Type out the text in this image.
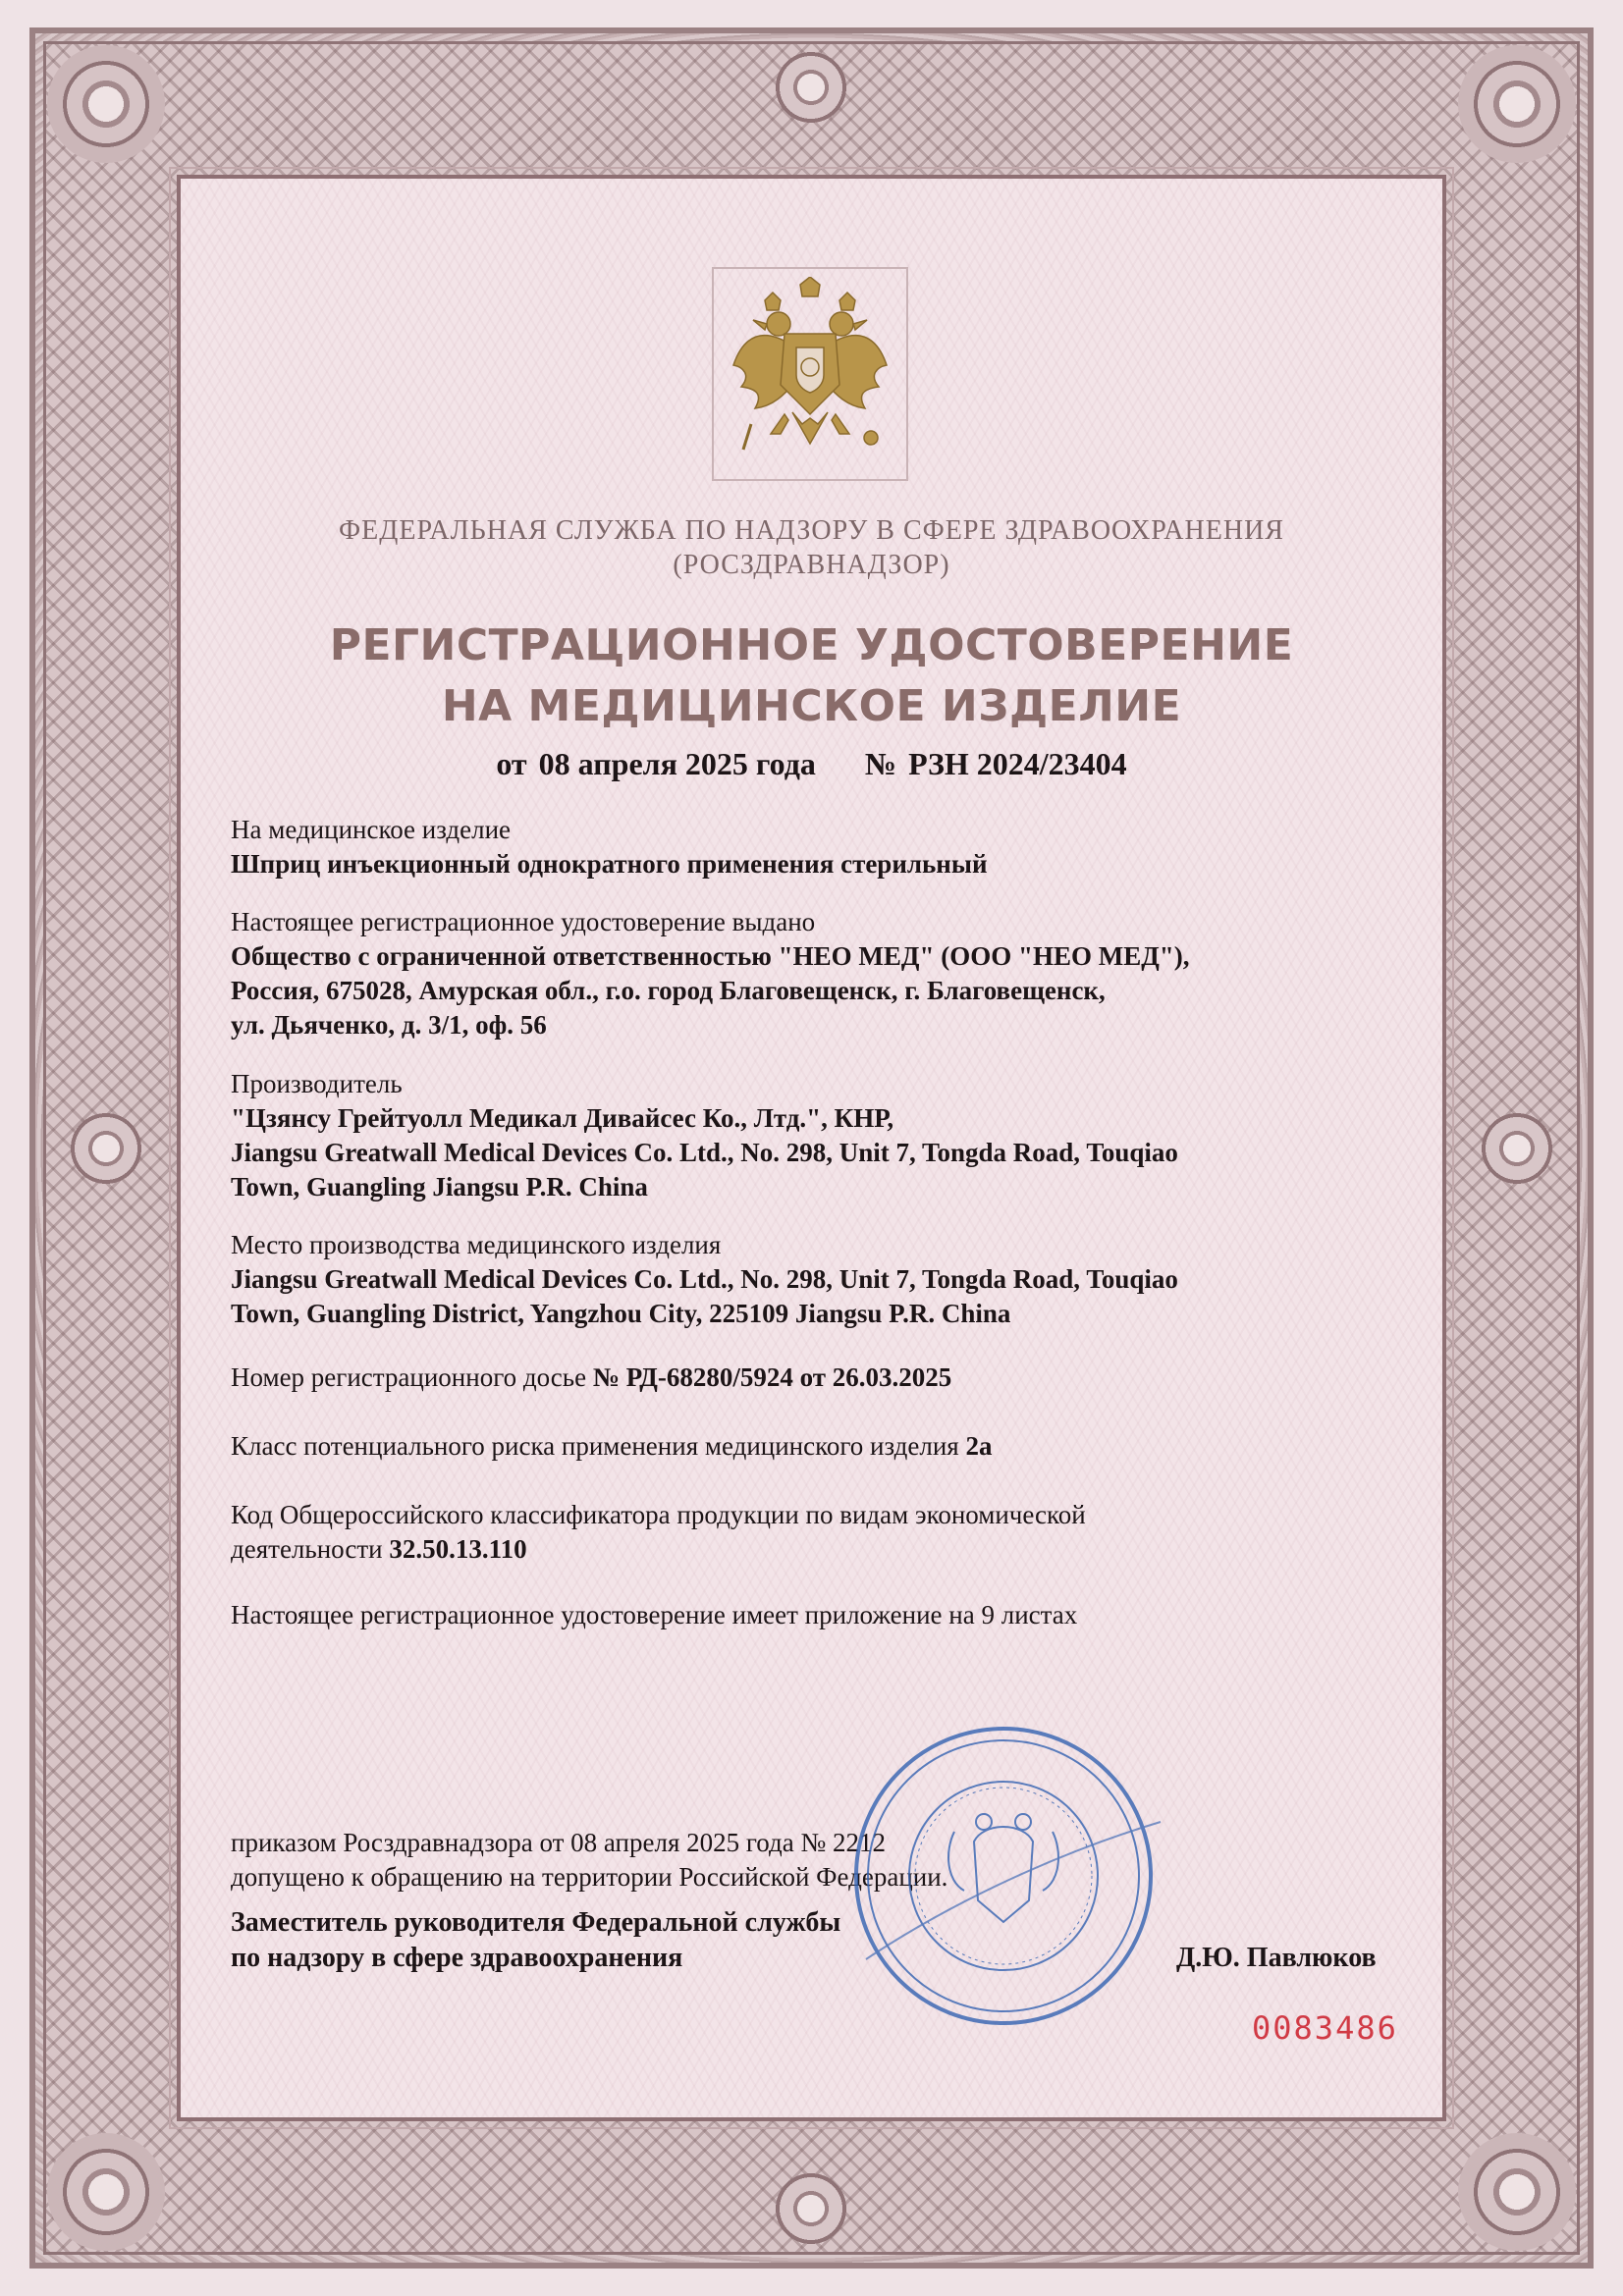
ФЕДЕРАЛЬНАЯ СЛУЖБА ПО НАДЗОРУ В СФЕРЕ ЗДРАВООХРАНЕНИЯ
(РОСЗДРАВНАДЗОР)
РЕГИСТРАЦИОННОЕ УДОСТОВЕРЕНИЕ
НА МЕДИЦИНСКОЕ ИЗДЕЛИЕ
от 08 апреля 2025 года № РЗН 2024/23404
На медицинское изделие
Шприц инъекционный однократного применения стерильный
Настоящее регистрационное удостоверение выдано
Общество с ограниченной ответственностью "НЕО МЕД" (ООО "НЕО МЕД"),
Россия, 675028, Амурская обл., г.о. город Благовещенск, г. Благовещенск,
ул. Дьяченко, д. 3/1, оф. 56
Производитель
"Цзянсу Грейтуолл Медикал Дивайсес Ко., Лтд.", КНР,
Jiangsu Greatwall Medical Devices Co. Ltd., No. 298, Unit 7, Tongda Road, Touqiao
Town, Guangling Jiangsu P.R. China
Место производства медицинского изделия
Jiangsu Greatwall Medical Devices Co. Ltd., No. 298, Unit 7, Tongda Road, Touqiao
Town, Guangling District, Yangzhou City, 225109 Jiangsu P.R. China
Номер регистрационного досье № РД-68280/5924 от 26.03.2025
Класс потенциального риска применения медицинского изделия 2а
Код Общероссийского классификатора продукции по видам экономической
деятельности 32.50.13.110
Настоящее регистрационное удостоверение имеет приложение на 9 листах
приказом Росздравнадзора от 08 апреля 2025 года № 2212
допущено к обращению на территории Российской Федерации.
Заместитель руководителя Федеральной службы
по надзору в сфере здравоохранения	Д.Ю. Павлюков
0083486
